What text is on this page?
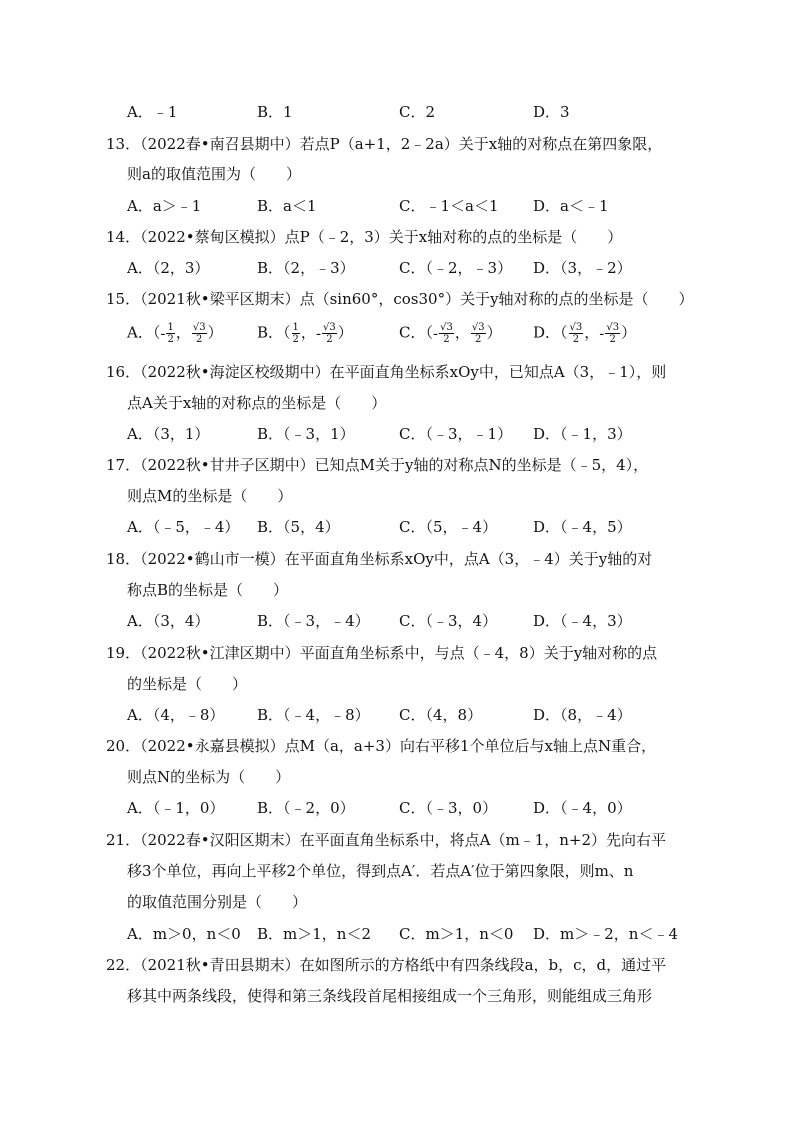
A．﹣1	B．1	C．2	D．3
13．（2022春•南召县期中）若点P（a+1，2﹣2a）关于x轴的对称点在第四象限，
则a的取值范围为（　　）
A．a＞﹣1	B．a＜1	C．﹣1＜a＜1 D．a＜﹣1
14．（2022•蔡甸区模拟）点P（﹣2，3）关于x轴对称的点的坐标是（　　）
A．（2，3）	B．（2，﹣3）	C．（﹣2，﹣3） D．（3，﹣2）
15．（2021秋•梁平区期末）点（sin60°，cos30°）关于y轴对称的点的坐标是（　　）
A．（- $\frac{1}{2}$ ， $\frac{√3}{2}$ ） B．（ $\frac{1}{2}$ ，- $\frac{√3}{2}$ ）	C．（- $\frac{√3}{2}$ ， $\frac{√3}{2}$ ） D．（ $\frac{√3}{2}$ ，- $\frac{√3}{2}$ ）
16．（2022秋•海淀区校级期中）在平面直角坐标系xOy中，已知点A（3，﹣1），则
点A关于x轴的对称点的坐标是（　　）
A．（3，1）	B．（﹣3，1）	C．（﹣3，﹣1） D．（﹣1，3）
17．（2022秋•甘井子区期中）已知点M关于y轴的对称点N的坐标是（﹣5，4），
则点M的坐标是（　　）
A．（﹣5，﹣4） B．（5，4）	C．（5，﹣4） D．（﹣4，5）
18．（2022•鹤山市一模）在平面直角坐标系xOy中，点A（3，﹣4）关于y轴的对
称点B的坐标是（　　）
A．（3，4）	B．（﹣3，﹣4） C．（﹣3，4） D．（﹣4，3）
19．（2022秋•江津区期中）平面直角坐标系中，与点（﹣4，8）关于y轴对称的点
的坐标是（　　）
A．（4，﹣8） B．（﹣4，﹣8） C．（4，8）	D．（8，﹣4）
20．（2022•永嘉县模拟）点M（a，a+3）向右平移1个单位后与x轴上点N重合，
则点N的坐标为（　　）
A．（﹣1，0） B．（﹣2，0）	C．（﹣3，0） D．（﹣4，0）
21．（2022春•汉阳区期末）在平面直角坐标系中，将点A（m﹣1，n+2）先向右平
移3个单位，再向上平移2个单位，得到点A′．若点A′位于第四象限，则m、n
的取值范围分别是（　　）
A．m＞0，n＜0 B．m＞1，n＜2 C．m＞1，n＜0 D．m＞﹣2，n＜﹣4
22．（2021秋•青田县期末）在如图所示的方格纸中有四条线段a，b，c，d，通过平
移其中两条线段，使得和第三条线段首尾相接组成一个三角形，则能组成三角形
